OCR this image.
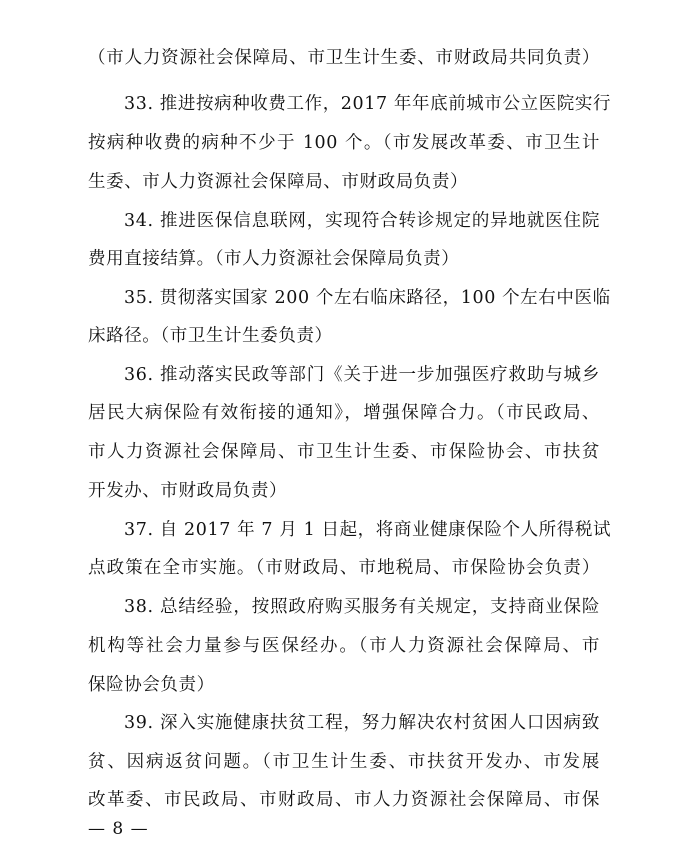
（市人力资源社会保障局、市卫生计生委、市财政局共同负责）
33. 推进按病种收费工作，2017 年年底前城市公立医院实行
按病种收费的病种不少于 100 个。（市发展改革委、市卫生计
生委、市人力资源社会保障局、市财政局负责）
34. 推进医保信息联网，实现符合转诊规定的异地就医住院
费用直接结算。（市人力资源社会保障局负责）
35. 贯彻落实国家 200 个左右临床路径，100 个左右中医临
床路径。（市卫生计生委负责）
36. 推动落实民政等部门《关于进一步加强医疗救助与城乡
居民大病保险有效衔接的通知》，增强保障合力。（市民政局、
市人力资源社会保障局、市卫生计生委、市保险协会、市扶贫
开发办、市财政局负责）
37. 自 2017 年 7 月 1 日起，将商业健康保险个人所得税试
点政策在全市实施。（市财政局、市地税局、市保险协会负责）
38. 总结经验，按照政府购买服务有关规定，支持商业保险
机构等社会力量参与医保经办。（市人力资源社会保障局、市
保险协会负责）
39. 深入实施健康扶贫工程，努力解决农村贫困人口因病致
贫、因病返贫问题。（市卫生计生委、市扶贫开发办、市发展
改革委、市民政局、市财政局、市人力资源社会保障局、市保
— 8 —
